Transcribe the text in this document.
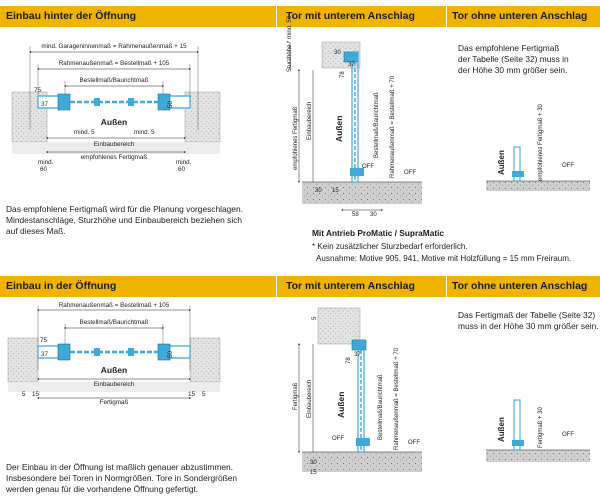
Einbau hinter der Öffnung	Tor mit unterem Anschlag	Tor ohne unteren Anschlag
mind. Garageninnenmaß = Rahmenaußenmaß + 15
Rahmenaußenmaß = Bestellmaß + 105
Bestellmaß/Baurichtmaß
75
37	50
Außen
mind. 5	mind. 5
Einbaubereich
empfohlenes Fertigmaß
mind.
60
mind.
60
Das empfohlene Fertigmaß wird für die Planung vorgeschlagen.
Mindestanschläge, Sturzhöhe und Einbaubereich beziehen sich
auf dieses Maß.
Sturzhöhe * mind. 50	30
78
37
empfohlenes Fertigmaß Einbaubereich Außen	Bestellmaß/Baurichtmaß Rahmenaußenmaß = Bestellmaß + 70
OFF
OFF
30 15
58 30
Das empfohlene Fertigmaß
der Tabelle (Seite 32) muss in
der Höhe 30 mm größer sein.
Außen	empfohlenes Fertigmaß + 30	OFF
Mit Antrieb ProMatic / SupraMatic
* Kein zusätzlicher Sturzbedarf erforderlich.
Ausnahme: Motive 905, 941, Motive mit Holzfüllung = 15 mm Freiraum.
Einbau in der Öffnung	Tor mit unterem Anschlag	Tor ohne unteren Anschlag
Rahmenaußenmaß = Bestellmaß + 105
Bestellmaß/Baurichtmaß
75
37	50
Außen
Einbaubereich
Fertigmaß
5 15	15 5
Der Einbau in der Öffnung ist maßlich genauer abzustimmen.
Insbesondere bei Toren in Normgrößen. Tore in Sondergrößen
werden genau für die vorhandene Öffnung gefertigt.
5
78
37
Fertigmaß Einbaubereich	Außen	Bestellmaß/Baurichtmaß Rahmenaußenmaß = Bestellmaß + 70
OFF
OFF
30
15
Das Fertigmaß der Tabelle (Seite 32)
muss in der Höhe 30 mm größer sein.
Außen	Fertigmaß + 30	OFF
